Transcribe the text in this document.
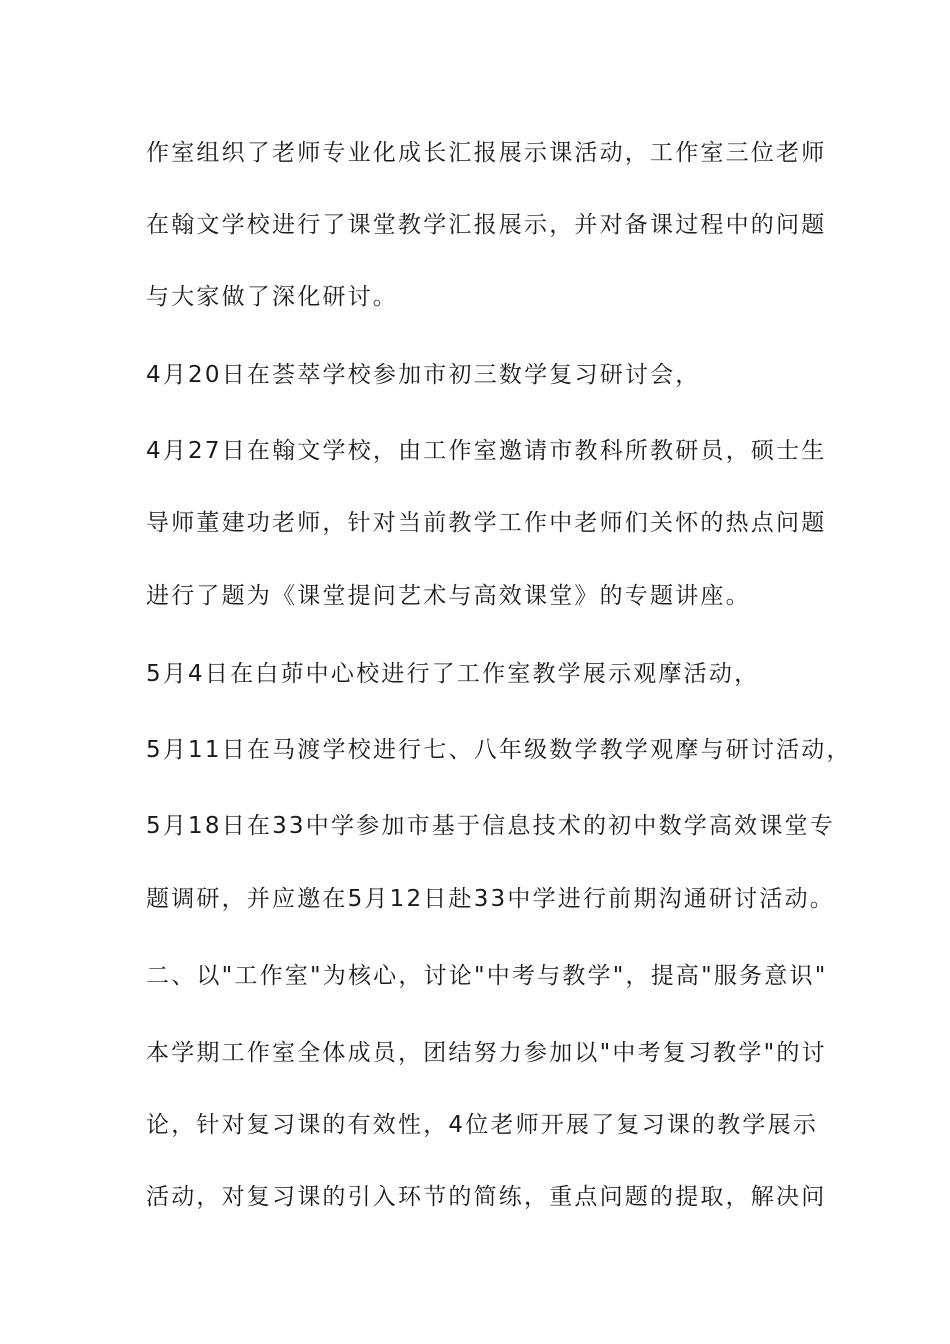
作室组织了老师专业化成长汇报展示课活动，工作室三位老师
在翰文学校进行了课堂教学汇报展示，并对备课过程中的问题
与大家做了深化研讨。
4月20日在荟萃学校参加市初三数学复习研讨会，
4月27日在翰文学校，由工作室邀请市教科所教研员，硕士生
导师董建功老师，针对当前教学工作中老师们关怀的热点问题
进行了题为《课堂提问艺术与高效课堂》的专题讲座。
5月4日在白茆中心校进行了工作室教学展示观摩活动，
5月11日在马渡学校进行七、八年级数学教学观摩与研讨活动，
5月18日在33中学参加市基于信息技术的初中数学高效课堂专
题调研，并应邀在5月12日赴33中学进行前期沟通研讨活动。
二、以"工作室"为核心，讨论"中考与教学"，提高"服务意识"
本学期工作室全体成员，团结努力参加以"中考复习教学"的讨
论，针对复习课的有效性，4位老师开展了复习课的教学展示
活动，对复习课的引入环节的简练，重点问题的提取，解决问
